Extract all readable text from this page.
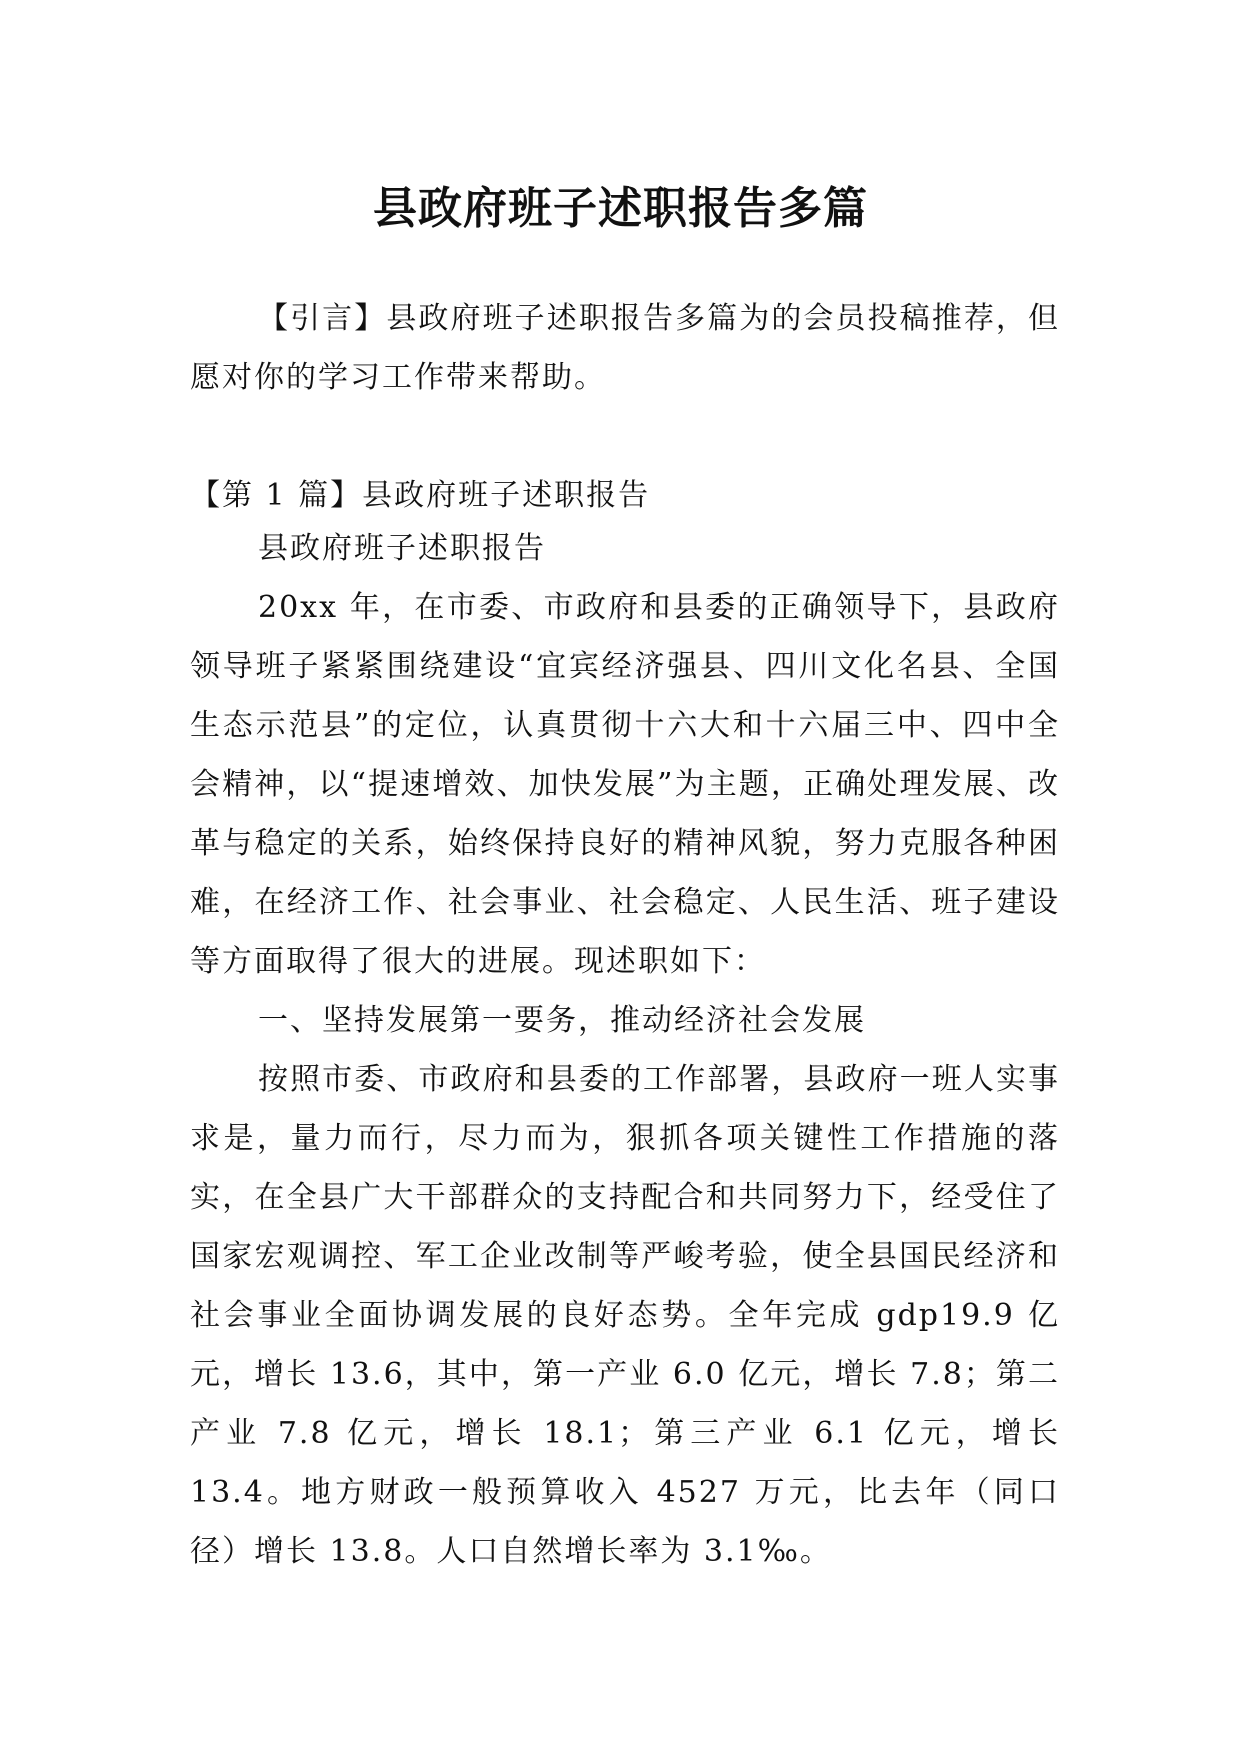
县政府班子述职报告多篇

【引言】县政府班子述职报告多篇为的会员投稿推荐，但愿对你的学习工作带来帮助。

【第 1 篇】县政府班子述职报告

县政府班子述职报告

20xx 年，在市委、市政府和县委的正确领导下，县政府领导班子紧紧围绕建设“宜宾经济强县、四川文化名县、全国生态示范县”的定位，认真贯彻十六大和十六届三中、四中全会精神，以“提速增效、加快发展”为主题，正确处理发展、改革与稳定的关系，始终保持良好的精神风貌，努力克服各种困难，在经济工作、社会事业、社会稳定、人民生活、班子建设等方面取得了很大的进展。现述职如下：

一、坚持发展第一要务，推动经济社会发展

按照市委、市政府和县委的工作部署，县政府一班人实事求是，量力而行，尽力而为，狠抓各项关键性工作措施的落实，在全县广大干部群众的支持配合和共同努力下，经受住了国家宏观调控、军工企业改制等严峻考验，使全县国民经济和社会事业全面协调发展的良好态势。全年完成 gdp19.9 亿元，增长 13.6，其中，第一产业 6.0 亿元，增长 7.8；第二产业 7.8 亿元，增长 18.1；第三产业 6.1 亿元，增长 13.4。地方财政一般预算收入 4527 万元，比去年（同口径）增长 13.8。人口自然增长率为 3.1‰。
